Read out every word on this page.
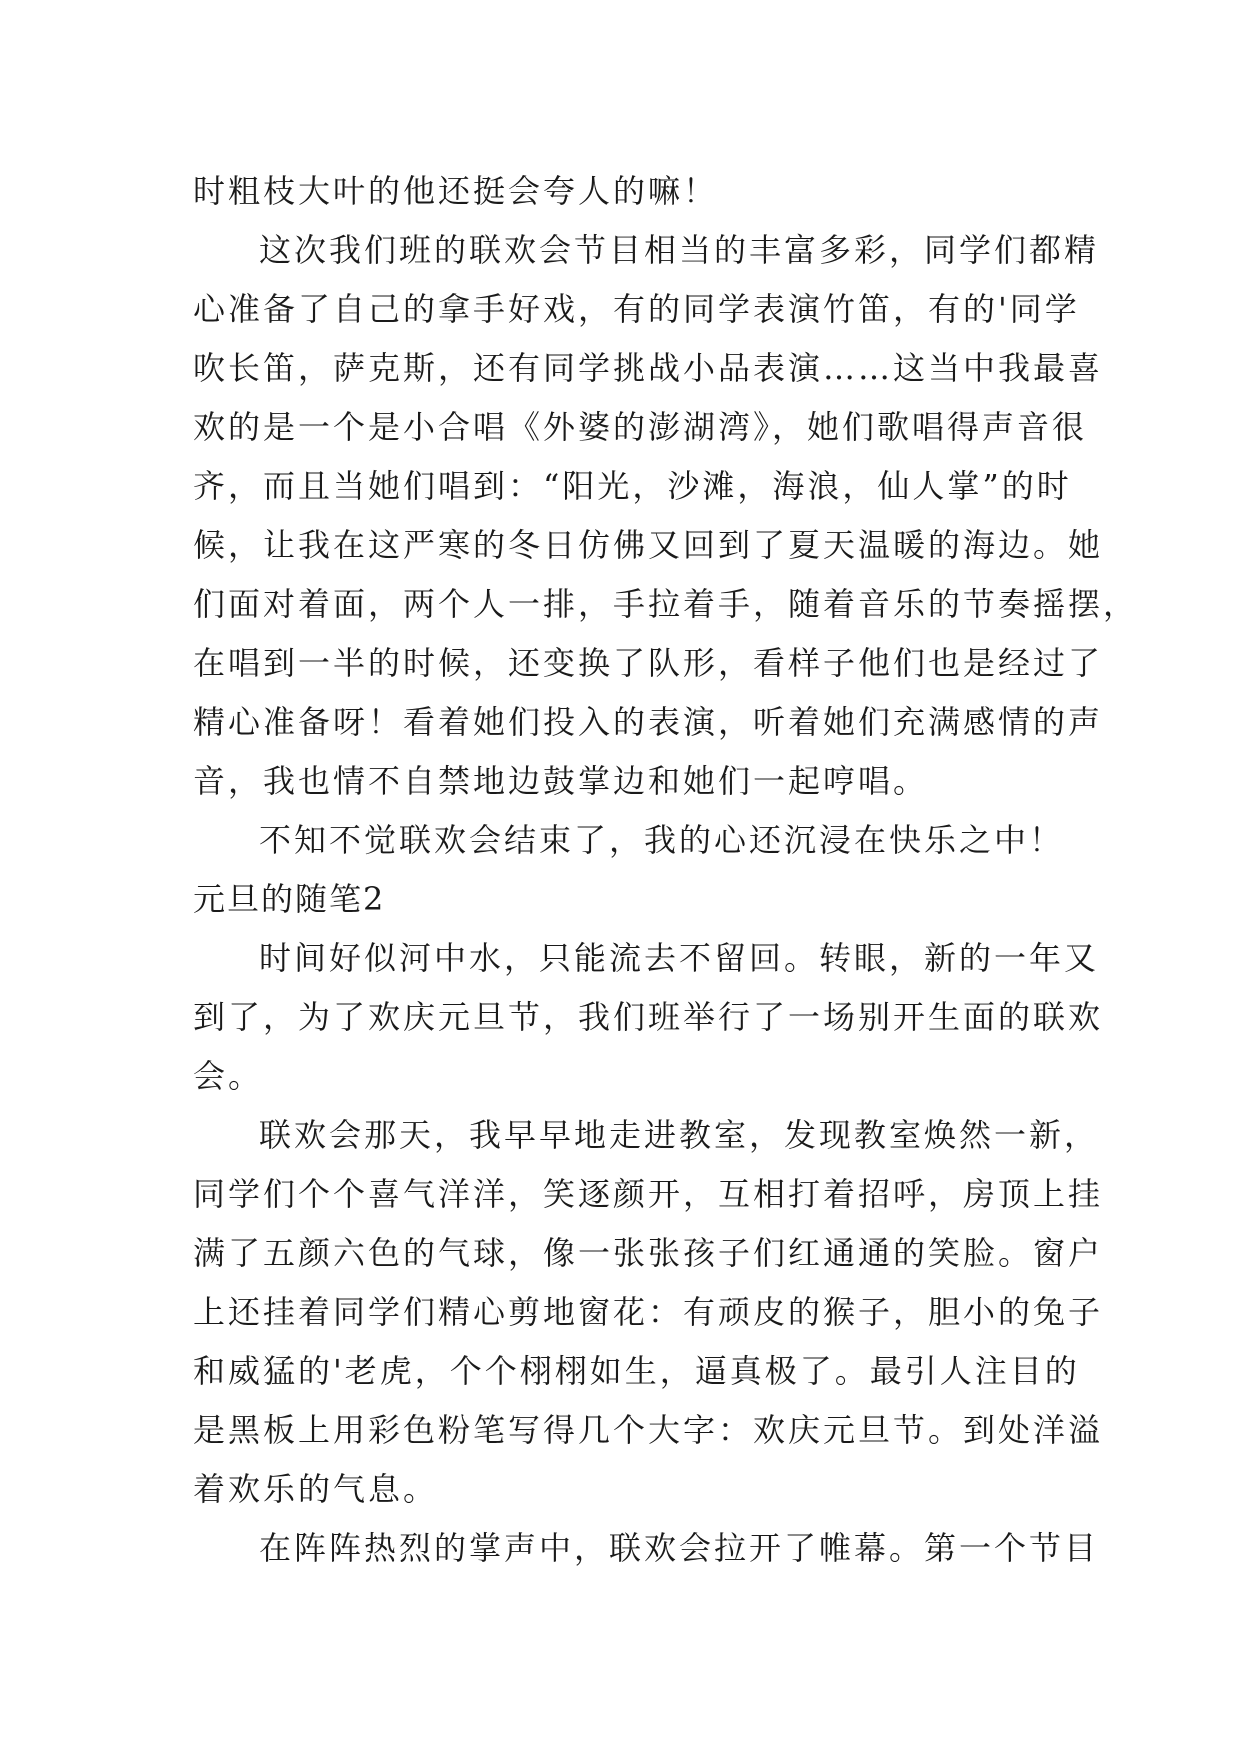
时粗枝大叶的他还挺会夸人的嘛！
这次我们班的联欢会节目相当的丰富多彩，同学们都精
心准备了自己的拿手好戏，有的同学表演竹笛，有的'同学
吹长笛，萨克斯，还有同学挑战小品表演……这当中我最喜
欢的是一个是小合唱《外婆的澎湖湾》，她们歌唱得声音很
齐，而且当她们唱到：“阳光，沙滩，海浪，仙人掌”的时
候，让我在这严寒的冬日仿佛又回到了夏天温暖的海边。她
们面对着面，两个人一排，手拉着手，随着音乐的节奏摇摆，
在唱到一半的时候，还变换了队形，看样子他们也是经过了
精心准备呀！看着她们投入的表演，听着她们充满感情的声
音，我也情不自禁地边鼓掌边和她们一起哼唱。
不知不觉联欢会结束了，我的心还沉浸在快乐之中！
元旦的随笔2
时间好似河中水，只能流去不留回。转眼，新的一年又
到了，为了欢庆元旦节，我们班举行了一场别开生面的联欢
会。
联欢会那天，我早早地走进教室，发现教室焕然一新，
同学们个个喜气洋洋，笑逐颜开，互相打着招呼，房顶上挂
满了五颜六色的气球，像一张张孩子们红通通的笑脸。窗户
上还挂着同学们精心剪地窗花：有顽皮的猴子，胆小的兔子
和威猛的'老虎，个个栩栩如生，逼真极了。最引人注目的
是黑板上用彩色粉笔写得几个大字：欢庆元旦节。到处洋溢
着欢乐的气息。
在阵阵热烈的掌声中，联欢会拉开了帷幕。第一个节目
